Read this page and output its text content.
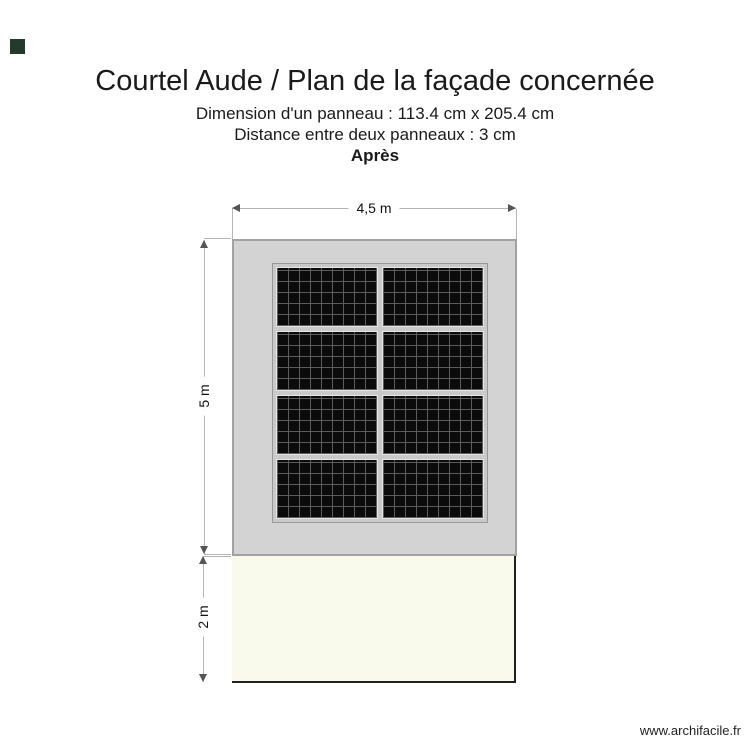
Courtel Aude / Plan de la façade concernée
Dimension d'un panneau : 113.4 cm x 205.4 cm
Distance entre deux panneaux : 3 cm
Après
4,5 m
5 m
2 m
www.archifacile.fr
